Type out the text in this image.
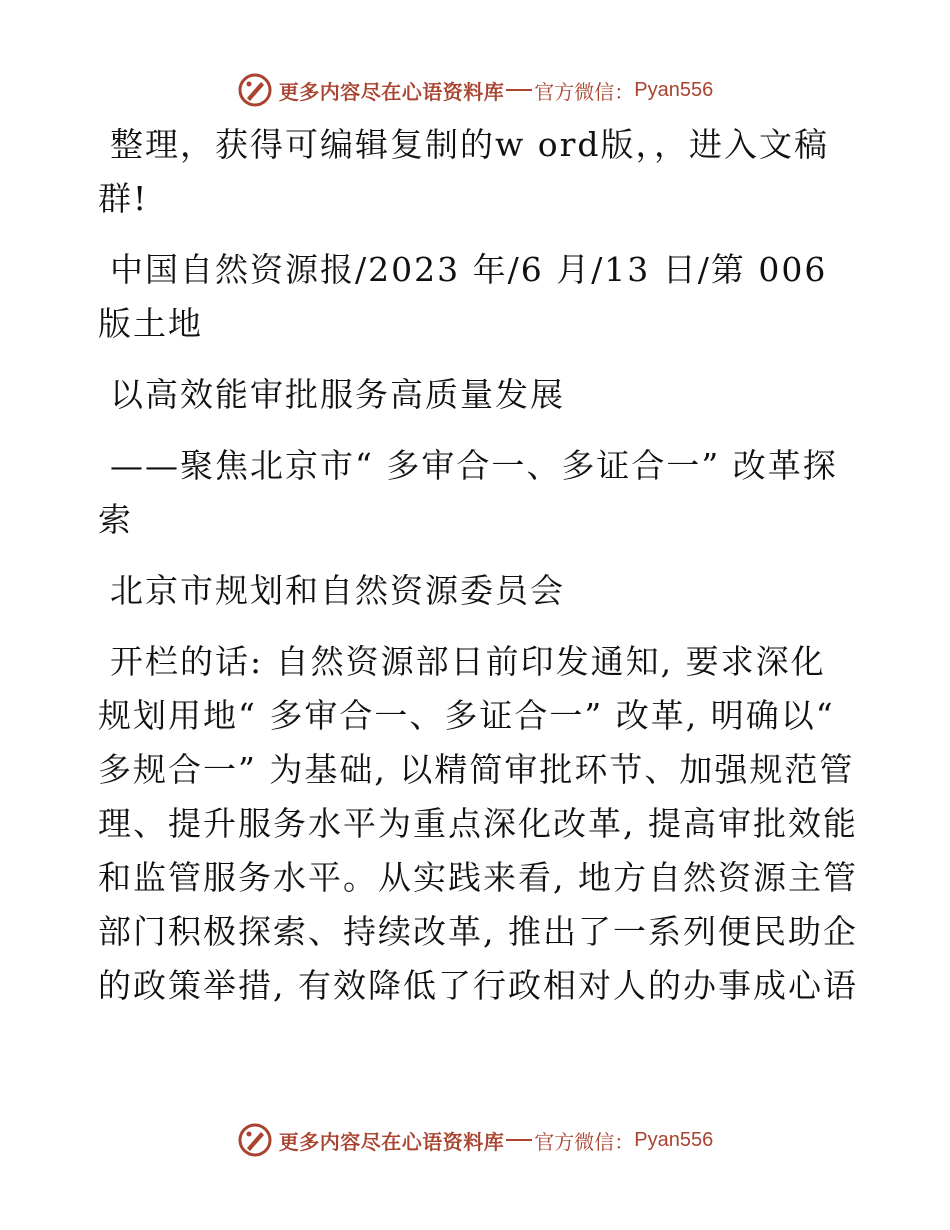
更多内容尽在心语资料库 官方微信： Pyan556

整理，获得可编辑复制的w ord版，，进入文稿群!

中国自然资源报/2023 年/6 月/13 日/第 006 版土地

以高效能审批服务高质量发展

——聚焦北京市“ 多审合一、多证合一” 改革探索

北京市规划和自然资源委员会

开栏的话: 自然资源部日前印发通知, 要求深化规划用地“ 多审合一、多证合一” 改革, 明确以“ 多规合一” 为基础, 以精简审批环节、加强规范管理、提升服务水平为重点深化改革, 提高审批效能和监管服务水平。从实践来看, 地方自然资源主管部门积极探索、持续改革, 推出了一系列便民助企的政策举措, 有效降低了行政相对人的办事成心语

更多内容尽在心语资料库 官方微信： Pyan556
